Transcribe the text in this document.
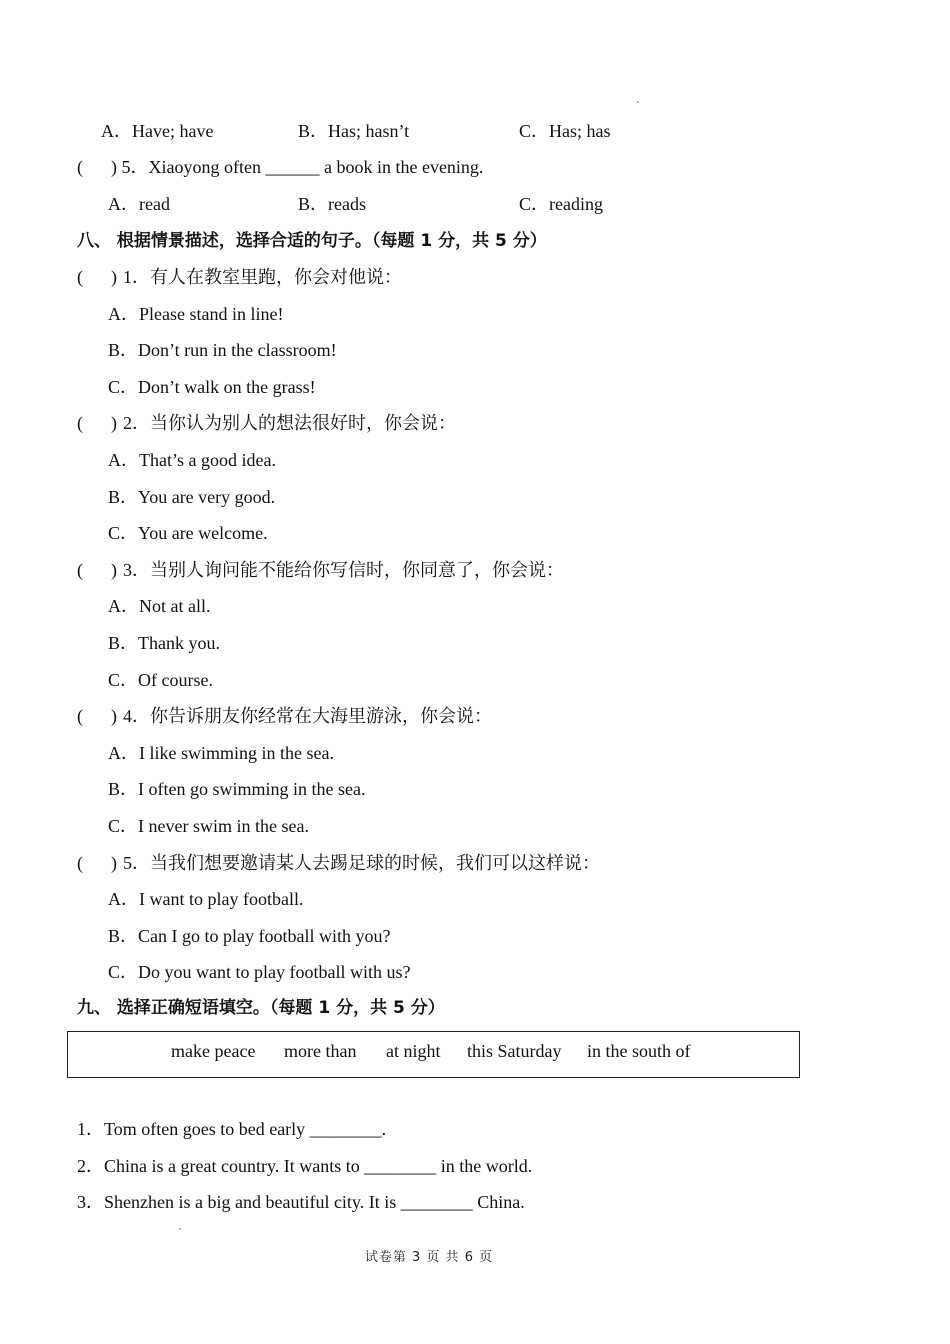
A．Have; have	B．Has; hasn’t	C．Has; has
( ) 5．Xiaoyong often ______ a book in the evening.
A．read	B．reads	C．reading
八、 根据情景描述，选择合适的句子。（每题 1 分，共 5 分）
九、 选择正确短语填空。（每题 1 分，共 5 分）
make peace more than at night this Saturday in the south of
1．Tom often goes to bed early ________.
2．China is a great country. It wants to ________ in the world.
3．Shenzhen is a big and beautiful city. It is ________ China.
试卷第 3 页 共 6 页
( ) 1．有人在教室里跑，你会对他说：
A．Please stand in line!
B．Don’t run in the classroom!
C．Don’t walk on the grass!
( ) 2．当你认为别人的想法很好时，你会说：
A．That’s a good idea.
B．You are very good.
C．You are welcome.
( ) 3．当别人询问能不能给你写信时，你同意了，你会说：
A．Not at all.
B．Thank you.
C．Of course.
( ) 4．你告诉朋友你经常在大海里游泳，你会说：
A．I like swimming in the sea.
B．I often go swimming in the sea.
C．I never swim in the sea.
( ) 5．当我们想要邀请某人去踢足球的时候，我们可以这样说：
A．I want to play football.
B．Can I go to play football with you?
C．Do you want to play football with us?
